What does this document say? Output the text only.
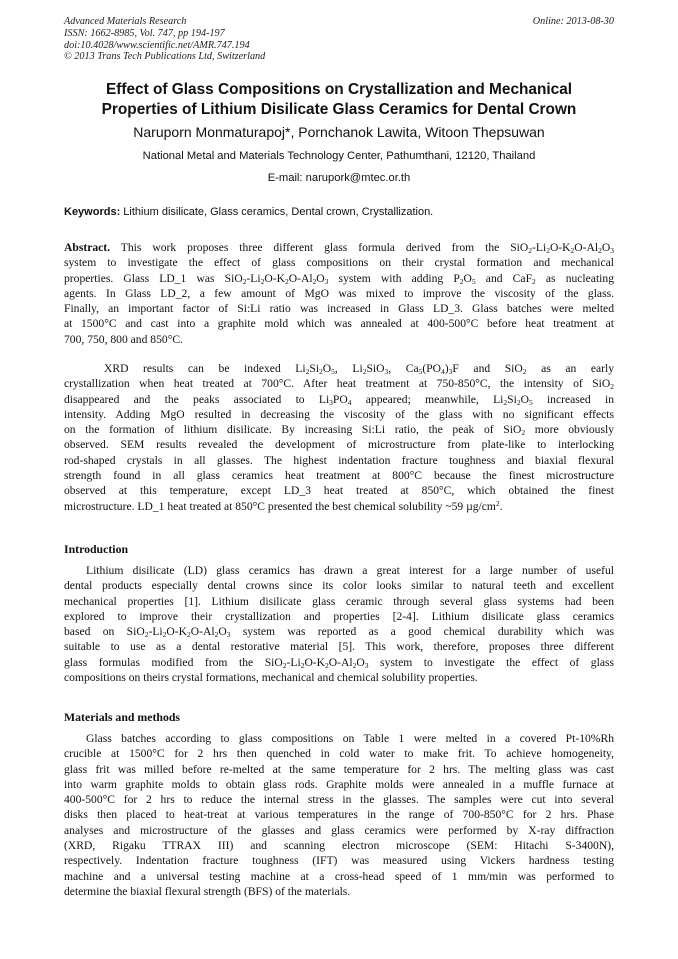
Advanced Materials Research
ISSN: 1662-8985, Vol. 747, pp 194-197
doi:10.4028/www.scientific.net/AMR.747.194
© 2013 Trans Tech Publications Ltd, Switzerland
Online: 2013-08-30
Effect of Glass Compositions on Crystallization and Mechanical
Properties of Lithium Disilicate Glass Ceramics for Dental Crown
Naruporn Monmaturapoj*, Pornchanok Lawita, Witoon Thepsuwan
National Metal and Materials Technology Center, Pathumthani, 12120, Thailand
E-mail: narupork@mtec.or.th
Keywords: Lithium disilicate, Glass ceramics, Dental crown, Crystallization.
Abstract. This work proposes three different glass formula derived from the $SiO_2-Li_2O-K_2O-Al_2O_3$
system to investigate the effect of glass compositions on their crystal formation and mechanical
properties. Glass LD_1 was $SiO_2-Li_2O-K_2O-Al_2O_3$ system with adding $P_2O_5$ and CaF$_2$ as nucleating
agents. In Glass LD_2, a few amount of MgO was mixed to improve the viscosity of the glass.
Finally, an important factor of Si:Li ratio was increased in Glass LD_3. Glass batches were melted
at 1500°C and cast into a graphite mold which was annealed at 400-500°C before heat treatment at
700, 750, 800 and 850°C.
XRD results can be indexed $Li_2Si_2O_5$, $Li_2SiO_3$, $Ca_5(PO_4)_3F$ and SiO$_2$ as an early
crystallization when heat treated at 700°C. After heat treatment at 750-850°C, the intensity of SiO$_2$
disappeared and the peaks associated to $Li_3PO_4$ appeared; meanwhile, $Li_2Si_2O_5$ increased in
intensity. Adding MgO resulted in decreasing the viscosity of the glass with no significant effects
on the formation of lithium disilicate. By increasing Si:Li ratio, the peak of SiO$_2$ more obviously
observed. SEM results revealed the development of microstructure from plate-like to interlocking
rod-shaped crystals in all glasses. The highest indentation fracture toughness and biaxial flexural
strength found in all glass ceramics heat treatment at 800°C because the finest microstructure
observed at this temperature, except LD_3 heat treated at 850°C, which obtained the finest
microstructure. LD_1 heat treated at 850°C presented the best chemical solubility ~59 $\mu g/cm^2$.
Introduction
Lithium disilicate (LD) glass ceramics has drawn a great interest for a large number of useful
dental products especially dental crowns since its color looks similar to natural teeth and excellent
mechanical properties [1]. Lithium disilicate glass ceramic through several glass systems had been
explored to improve their crystallization and properties [2-4]. Lithium disilicate glass ceramics
based on $SiO_2-Li_2O-K_2O-Al_2O_3$ system was reported as a good chemical durability which was
suitable to use as a dental restorative material [5]. This work, therefore, proposes three different
glass formulas modified from the $SiO_2-Li_2O-K_2O-Al_2O_3$ system to investigate the effect of glass
compositions on theirs crystal formations, mechanical and chemical solubility properties.
Materials and methods
Glass batches according to glass compositions on Table 1 were melted in a covered Pt-10%Rh
crucible at 1500°C for 2 hrs then quenched in cold water to make frit. To achieve homogeneity,
glass frit was milled before re-melted at the same temperature for 2 hrs. The melting glass was cast
into warm graphite molds to obtain glass rods. Graphite molds were annealed in a muffle furnace at
400-500°C for 2 hrs to reduce the internal stress in the glasses. The samples were cut into several
disks then placed to heat-treat at various temperatures in the range of 700-850°C for 2 hrs. Phase
analyses and microstructure of the glasses and glass ceramics were performed by X-ray diffraction
(XRD, Rigaku TTRAX III) and scanning electron microscope (SEM: Hitachi S-3400N),
respectively. Indentation fracture toughness (IFT) was measured using Vickers hardness testing
machine and a universal testing machine at a cross-head speed of 1 mm/min was performed to
determine the biaxial flexural strength (BFS) of the materials.
